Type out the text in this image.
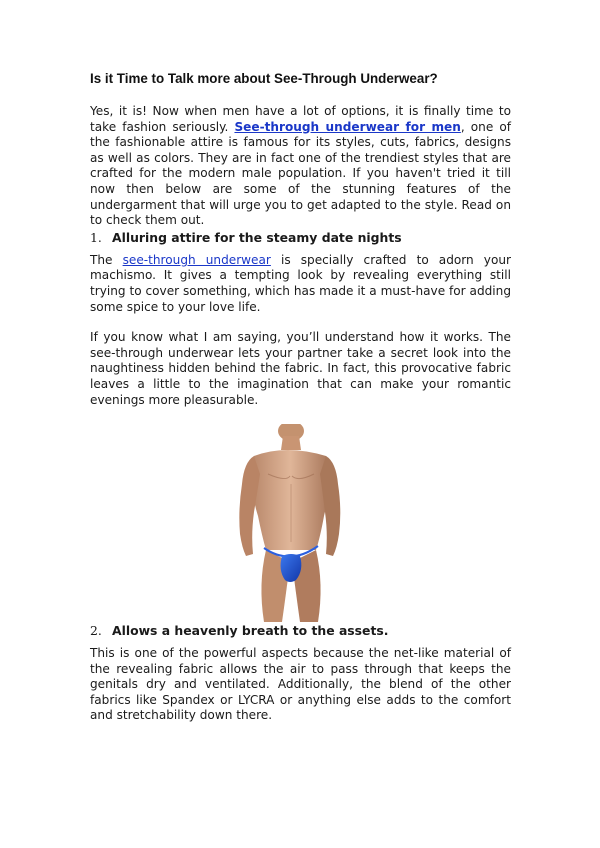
Is it Time to Talk more about See-Through Underwear?

Yes, it is! Now when men have a lot of options, it is finally time to take fashion seriously. See-through underwear for men, one of the fashionable attire is famous for its styles, cuts, fabrics, designs as well as colors. They are in fact one of the trendiest styles that are crafted for the modern male population. If you haven't tried it till now then below are some of the stunning features of the undergarment that will urge you to get adapted to the style. Read on to check them out.

1. Alluring attire for the steamy date nights

The see-through underwear is specially crafted to adorn your machismo. It gives a tempting look by revealing everything still trying to cover something, which has made it a must-have for adding some spice to your love life.

If you know what I am saying, you’ll understand how it works. The see-through underwear lets your partner take a secret look into the naughtiness hidden behind the fabric. In fact, this provocative fabric leaves a little to the imagination that can make your romantic evenings more pleasurable.

2. Allows a heavenly breath to the assets.

This is one of the powerful aspects because the net-like material of the revealing fabric allows the air to pass through that keeps the genitals dry and ventilated. Additionally, the blend of the other fabrics like Spandex or LYCRA or anything else adds to the comfort and stretchability down there.
